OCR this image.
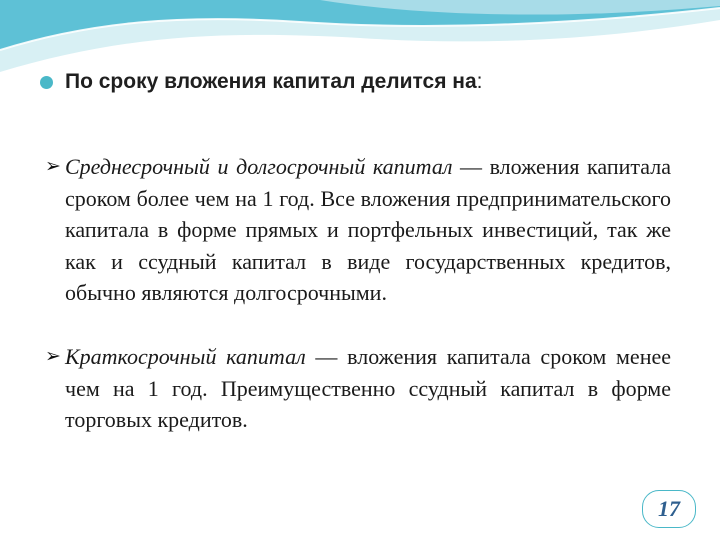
По сроку вложения капитал делится на :
➢ Среднесрочный и долгосрочный капитал — вложения капитала сроком более чем на 1 год. Все вложения предпринимательского капитала в форме прямых и портфельных инвестиций, так же как и ссудный капитал в виде государственных кредитов, обычно являются долгосрочными.
➢ Краткосрочный капитал — вложения капитала сроком менее чем на 1 год. Преимущественно ссудный капитал в форме торговых кредитов.
17
